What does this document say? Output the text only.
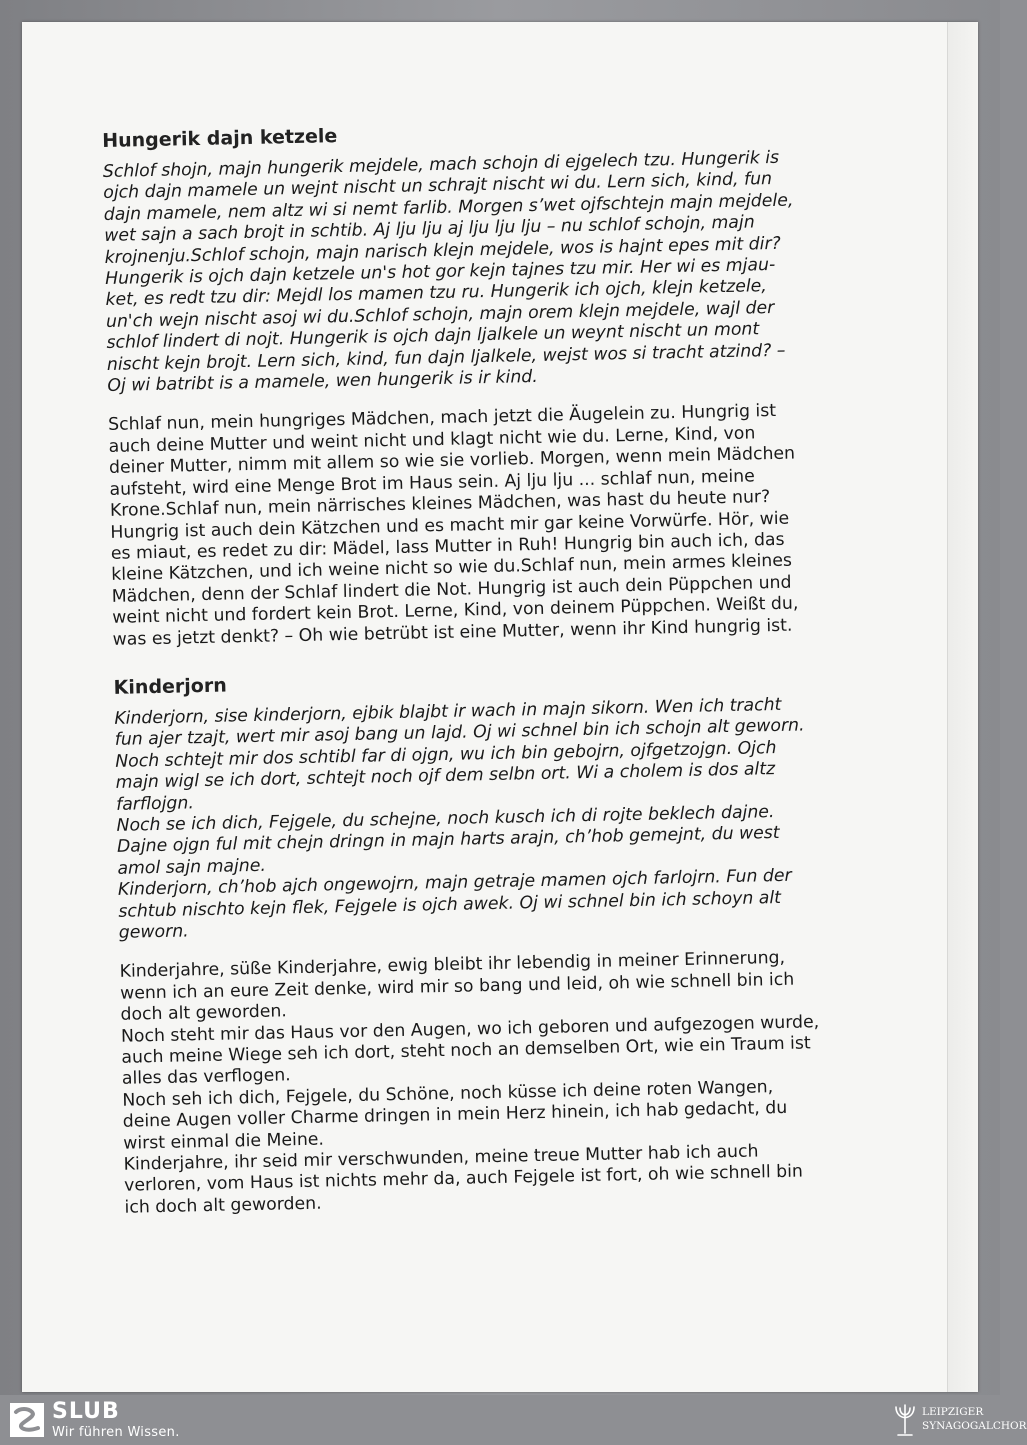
Hungerik dajn ketzele

Schlof shojn, majn hungerik mejdele, mach schojn di ejgelech tzu. Hungerik is
ojch dajn mamele un wejnt nischt un schrajt nischt wi du. Lern sich, kind, fun
dajn mamele, nem altz wi si nemt farlib. Morgen s’wet ojfschtejn majn mejdele,
wet sajn a sach brojt in schtib. Aj lju lju aj lju lju lju – nu schlof schojn, majn
krojnenju.Schlof schojn, majn narisch klejn mejdele, wos is hajnt epes mit dir?
Hungerik is ojch dajn ketzele un's hot gor kejn tajnes tzu mir. Her wi es mjau-
ket, es redt tzu dir: Mejdl los mamen tzu ru. Hungerik ich ojch, klejn ketzele,
un'ch wejn nischt asoj wi du.Schlof schojn, majn orem klejn mejdele, wajl der
schlof lindert di nojt. Hungerik is ojch dajn ljalkele un weynt nischt un mont
nischt kejn brojt. Lern sich, kind, fun dajn ljalkele, wejst wos si tracht atzind? –
Oj wi batribt is a mamele, wen hungerik is ir kind.

Schlaf nun, mein hungriges Mädchen, mach jetzt die Äugelein zu. Hungrig ist
auch deine Mutter und weint nicht und klagt nicht wie du. Lerne, Kind, von
deiner Mutter, nimm mit allem so wie sie vorlieb. Morgen, wenn mein Mädchen
aufsteht, wird eine Menge Brot im Haus sein. Aj lju lju ... schlaf nun, meine
Krone.Schlaf nun, mein närrisches kleines Mädchen, was hast du heute nur?
Hungrig ist auch dein Kätzchen und es macht mir gar keine Vorwürfe. Hör, wie
es miaut, es redet zu dir: Mädel, lass Mutter in Ruh! Hungrig bin auch ich, das
kleine Kätzchen, und ich weine nicht so wie du.Schlaf nun, mein armes kleines
Mädchen, denn der Schlaf lindert die Not. Hungrig ist auch dein Püppchen und
weint nicht und fordert kein Brot. Lerne, Kind, von deinem Püppchen. Weißt du,
was es jetzt denkt? – Oh wie betrübt ist eine Mutter, wenn ihr Kind hungrig ist.

Kinderjorn

Kinderjorn, sise kinderjorn, ejbik blajbt ir wach in majn sikorn. Wen ich tracht
fun ajer tzajt, wert mir asoj bang un lajd. Oj wi schnel bin ich schojn alt geworn.
Noch schtejt mir dos schtibl far di ojgn, wu ich bin gebojrn, ojfgetzojgn. Ojch
majn wigl se ich dort, schtejt noch ojf dem selbn ort. Wi a cholem is dos altz
farflojgn.
Noch se ich dich, Fejgele, du schejne, noch kusch ich di rojte beklech dajne.
Dajne ojgn ful mit chejn dringn in majn harts arajn, ch’hob gemejnt, du west
amol sajn majne.
Kinderjorn, ch’hob ajch ongewojrn, majn getraje mamen ojch farlojrn. Fun der
schtub nischto kejn flek, Fejgele is ojch awek. Oj wi schnel bin ich schoyn alt
geworn.

Kinderjahre, süße Kinderjahre, ewig bleibt ihr lebendig in meiner Erinnerung,
wenn ich an eure Zeit denke, wird mir so bang und leid, oh wie schnell bin ich
doch alt geworden.
Noch steht mir das Haus vor den Augen, wo ich geboren und aufgezogen wurde,
auch meine Wiege seh ich dort, steht noch an demselben Ort, wie ein Traum ist
alles das verflogen.
Noch seh ich dich, Fejgele, du Schöne, noch küsse ich deine roten Wangen,
deine Augen voller Charme dringen in mein Herz hinein, ich hab gedacht, du
wirst einmal die Meine.
Kinderjahre, ihr seid mir verschwunden, meine treue Mutter hab ich auch
verloren, vom Haus ist nichts mehr da, auch Fejgele ist fort, oh wie schnell bin
ich doch alt geworden.

SLUB
Wir führen Wissen.
LEIPZIGER
SYNAGOGALCHOR
